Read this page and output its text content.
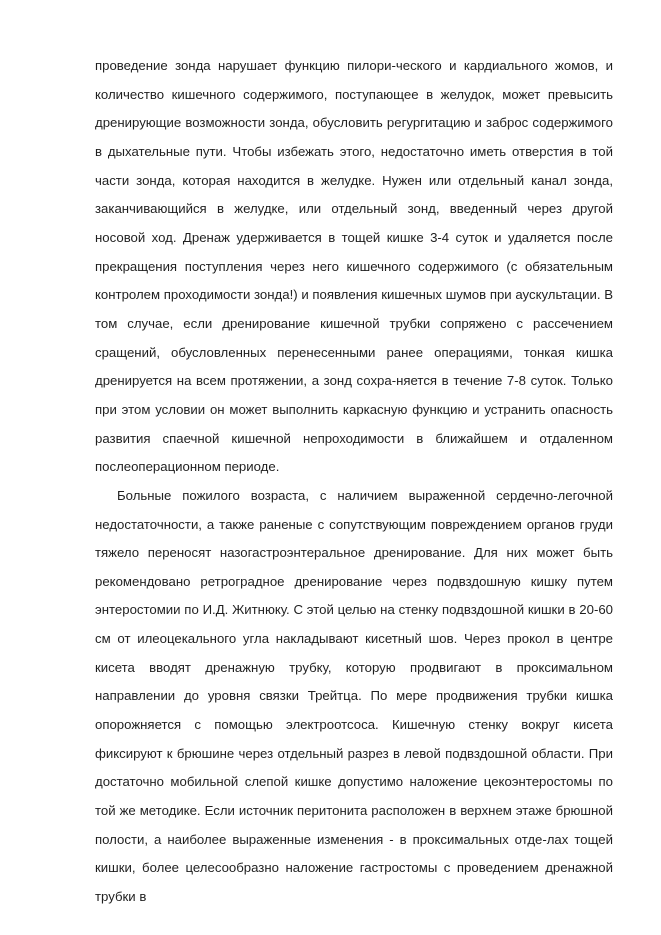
проведение зонда нарушает функцию пилори-ческого и кардиального жомов, и количество кишечного содержимого, поступающее в желудок, может превысить дренирующие возможности зонда, обусловить регургитацию и заброс содержимого в дыхательные пути. Чтобы избежать этого, недостаточно иметь отверстия в той части зонда, которая находится в желудке. Нужен или отдельный канал зонда, заканчивающийся в желудке, или отдельный зонд, введенный через другой носовой ход. Дренаж удерживается в тощей кишке 3-4 суток и удаляется после прекращения поступления через него кишечного содержимого (с обязательным контролем проходимости зонда!) и появления кишечных шумов при аускультации. В том случае, если дренирование кишечной трубки сопряжено с рассечением сращений, обусловленных перенесенными ранее операциями, тонкая кишка дренируется на всем протяжении, а зонд сохра-няется в течение 7-8 суток. Только при этом условии он может выполнить каркасную функцию и устранить опасность развития спаечной кишечной непроходимости в ближайшем и отдаленном послеоперационном периоде.

Больные пожилого возраста, с наличием выраженной сердечно-легочной недостаточности, а также раненые с сопутствующим повреждением органов груди тяжело переносят назогастроэнтеральное дренирование. Для них может быть рекомендовано ретроградное дренирование через подвздошную кишку путем энтеростомии по И.Д. Житнюку. С этой целью на стенку подвздошной кишки в 20-60 см от илеоцекального угла накладывают кисетный шов. Через прокол в центре кисета вводят дренажную трубку, которую продвигают в проксимальном направлении до уровня связки Трейтца. По мере продвижения трубки кишка опорожняется с помощью электроотсоса. Кишечную стенку вокруг кисета фиксируют к брюшине через отдельный разрез в левой подвздошной области. При достаточно мобильной слепой кишке допустимо наложение цекоэнтеростомы по той же методике. Если источник перитонита расположен в верхнем этаже брюшной полости, а наиболее выраженные изменения - в проксимальных отде-лах тощей кишки, более целесообразно наложение гастростомы с проведением дренажной трубки в
